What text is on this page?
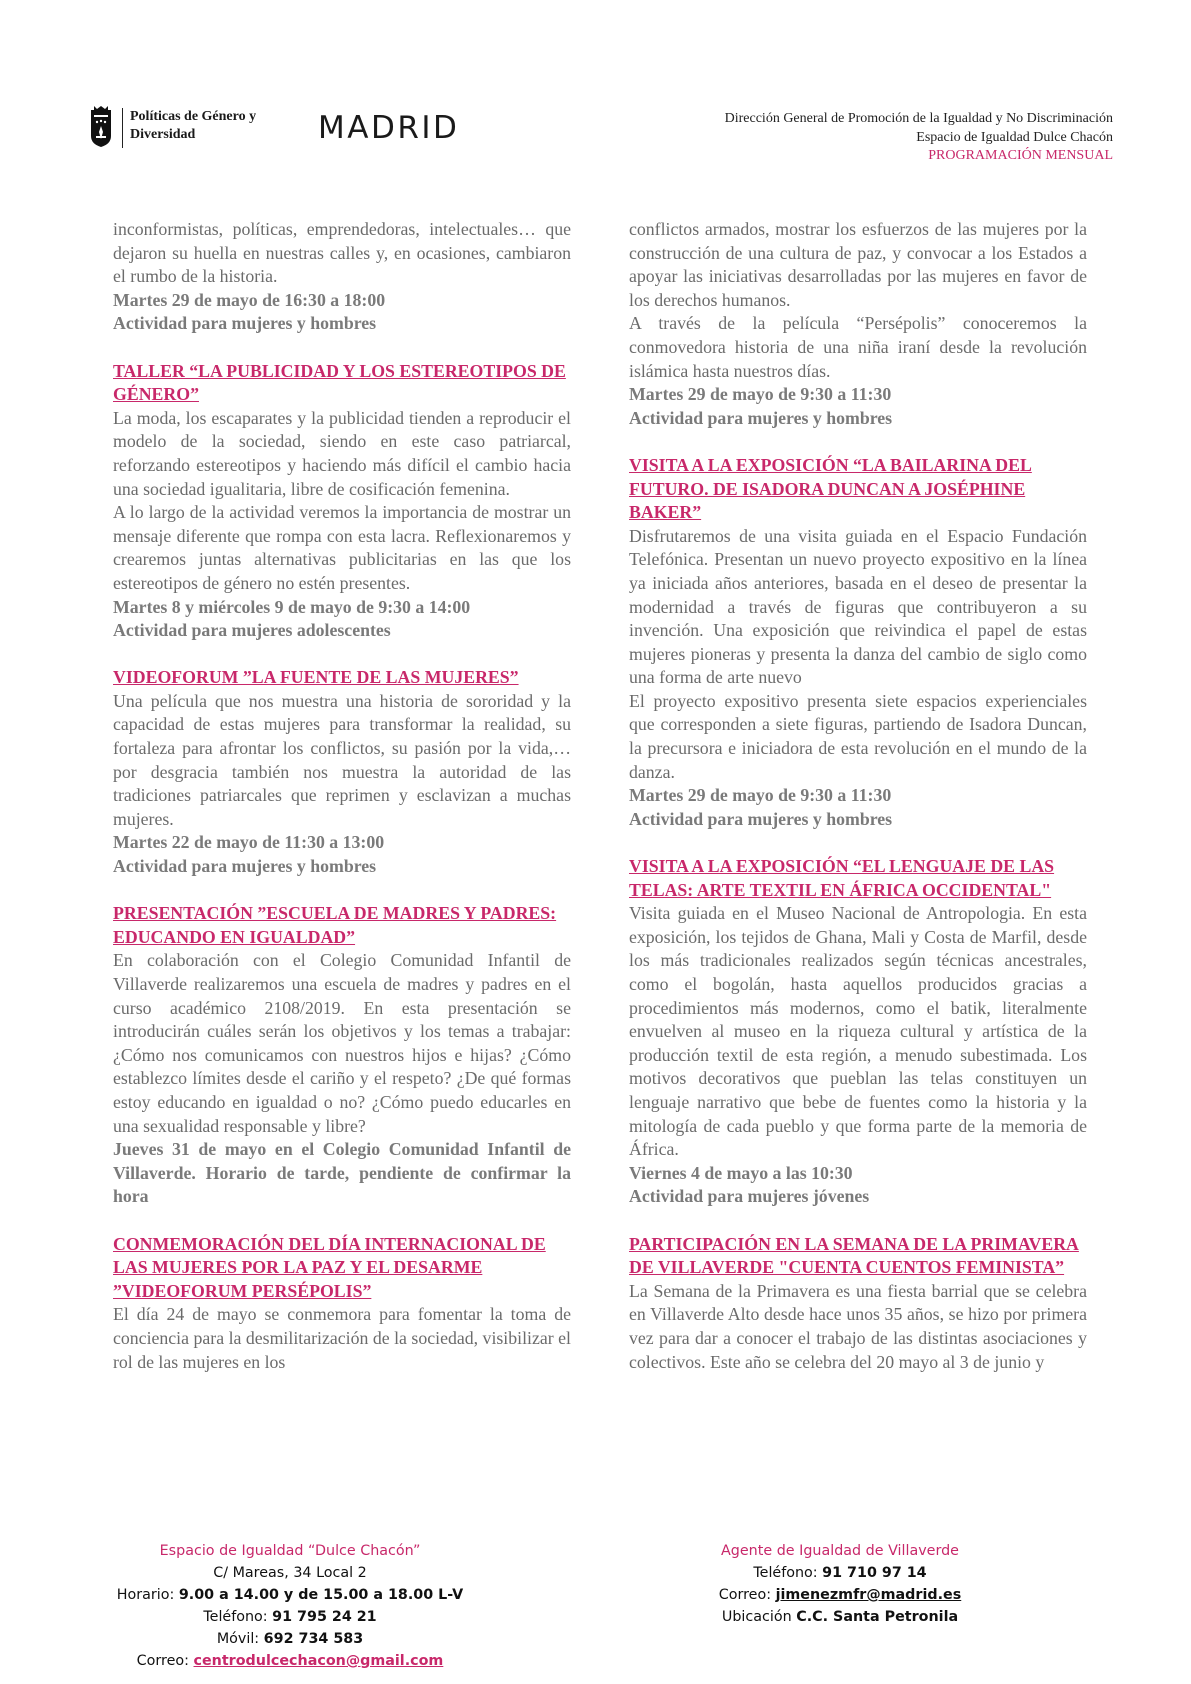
Políticas de Género y
Diversidad	MADRID	Dirección General de Promoción de la Igualdad y No Discriminación
Espacio de Igualdad Dulce Chacón
PROGRAMACIÓN MENSUAL

inconformistas, políticas, emprendedoras, intelectuales… que dejaron su huella en nuestras calles y, en ocasiones, cambiaron el rumbo de la historia.

Martes 29 de mayo de 16:30 a 18:00

Actividad para mujeres y hombres

TALLER “LA PUBLICIDAD Y LOS ESTEREOTIPOS DE GÉNERO”

La moda, los escaparates y la publicidad tienden a reproducir el modelo de la sociedad, siendo en este caso patriarcal, reforzando estereotipos y haciendo más difícil el cambio hacia una sociedad igualitaria, libre de cosificación femenina.

A lo largo de la actividad veremos la importancia de mostrar un mensaje diferente que rompa con esta lacra. Reflexionaremos y crearemos juntas alternativas publicitarias en las que los estereotipos de género no estén presentes.

Martes 8 y miércoles 9 de mayo de 9:30 a 14:00

Actividad para mujeres adolescentes

VIDEOFORUM ”LA FUENTE DE LAS MUJERES”

Una película que nos muestra una historia de sororidad y la capacidad de estas mujeres para transformar la realidad, su fortaleza para afrontar los conflictos, su pasión por la vida,… por desgracia también nos muestra la autoridad de las tradiciones patriarcales que reprimen y esclavizan a muchas mujeres.

Martes 22 de mayo de 11:30 a 13:00

Actividad para mujeres y hombres

PRESENTACIÓN ”ESCUELA DE MADRES Y PADRES: EDUCANDO EN IGUALDAD”

En colaboración con el Colegio Comunidad Infantil de Villaverde realizaremos una escuela de madres y padres en el curso académico 2108/2019. En esta presentación se introducirán cuáles serán los objetivos y los temas a trabajar: ¿Cómo nos comunicamos con nuestros hijos e hijas? ¿Cómo establezco límites desde el cariño y el respeto? ¿De qué formas estoy educando en igualdad o no? ¿Cómo puedo educarles en una sexualidad responsable y libre?

Jueves 31 de mayo en el Colegio Comunidad Infantil de Villaverde. Horario de tarde, pendiente de confirmar la hora

CONMEMORACIÓN DEL DÍA INTERNACIONAL DE LAS MUJERES POR LA PAZ Y EL DESARME ”VIDEOFORUM PERSÉPOLIS”

El día 24 de mayo se conmemora para fomentar la toma de conciencia para la desmilitarización de la sociedad, visibilizar el rol de las mujeres en los

conflictos armados, mostrar los esfuerzos de las mujeres por la construcción de una cultura de paz, y convocar a los Estados a apoyar las iniciativas desarrolladas por las mujeres en favor de los derechos humanos.

A través de la película “Persépolis” conoceremos la conmovedora historia de una niña iraní desde la revolución islámica hasta nuestros días.

Martes 29 de mayo de 9:30 a 11:30

Actividad para mujeres y hombres

VISITA A LA EXPOSICIÓN “LA BAILARINA DEL FUTURO. DE ISADORA DUNCAN A JOSÉPHINE BAKER”

Disfrutaremos de una visita guiada en el Espacio Fundación Telefónica. Presentan un nuevo proyecto expositivo en la línea ya iniciada años anteriores, basada en el deseo de presentar la modernidad a través de figuras que contribuyeron a su invención. Una exposición que reivindica el papel de estas mujeres pioneras y presenta la danza del cambio de siglo como una forma de arte nuevo

El proyecto expositivo presenta siete espacios experienciales que corresponden a siete figuras, partiendo de Isadora Duncan, la precursora e iniciadora de esta revolución en el mundo de la danza.

Martes 29 de mayo de 9:30 a 11:30

Actividad para mujeres y hombres

VISITA A LA EXPOSICIÓN “EL LENGUAJE DE LAS TELAS: ARTE TEXTIL EN ÁFRICA OCCIDENTAL"

Visita guiada en el Museo Nacional de Antropologia. En esta exposición, los tejidos de Ghana, Mali y Costa de Marfil, desde los más tradicionales realizados según técnicas ancestrales, como el bogolán, hasta aquellos producidos gracias a procedimientos más modernos, como el batik, literalmente envuelven al museo en la riqueza cultural y artística de la producción textil de esta región, a menudo subestimada. Los motivos decorativos que pueblan las telas constituyen un lenguaje narrativo que bebe de fuentes como la historia y la mitología de cada pueblo y que forma parte de la memoria de África.

Viernes 4 de mayo a las 10:30

Actividad para mujeres jóvenes

PARTICIPACIÓN EN LA SEMANA DE LA PRIMAVERA DE VILLAVERDE "CUENTA CUENTOS FEMINISTA”

La Semana de la Primavera es una fiesta barrial que se celebra en Villaverde Alto desde hace unos 35 años, se hizo por primera vez para dar a conocer el trabajo de las distintas asociaciones y colectivos. Este año se celebra del 20 mayo al 3 de junio y

Espacio de Igualdad “Dulce Chacón”
C/ Mareas, 34 Local 2
Horario: 9.00 a 14.00 y de 15.00 a 18.00 L-V
Teléfono: 91 795 24 21
Móvil: 692 734 583
Correo: centrodulcechacon@gmail.com
Agente de Igualdad de Villaverde
Teléfono: 91 710 97 14
Correo: jimenezmfr@madrid.es
Ubicación C.C. Santa Petronila
